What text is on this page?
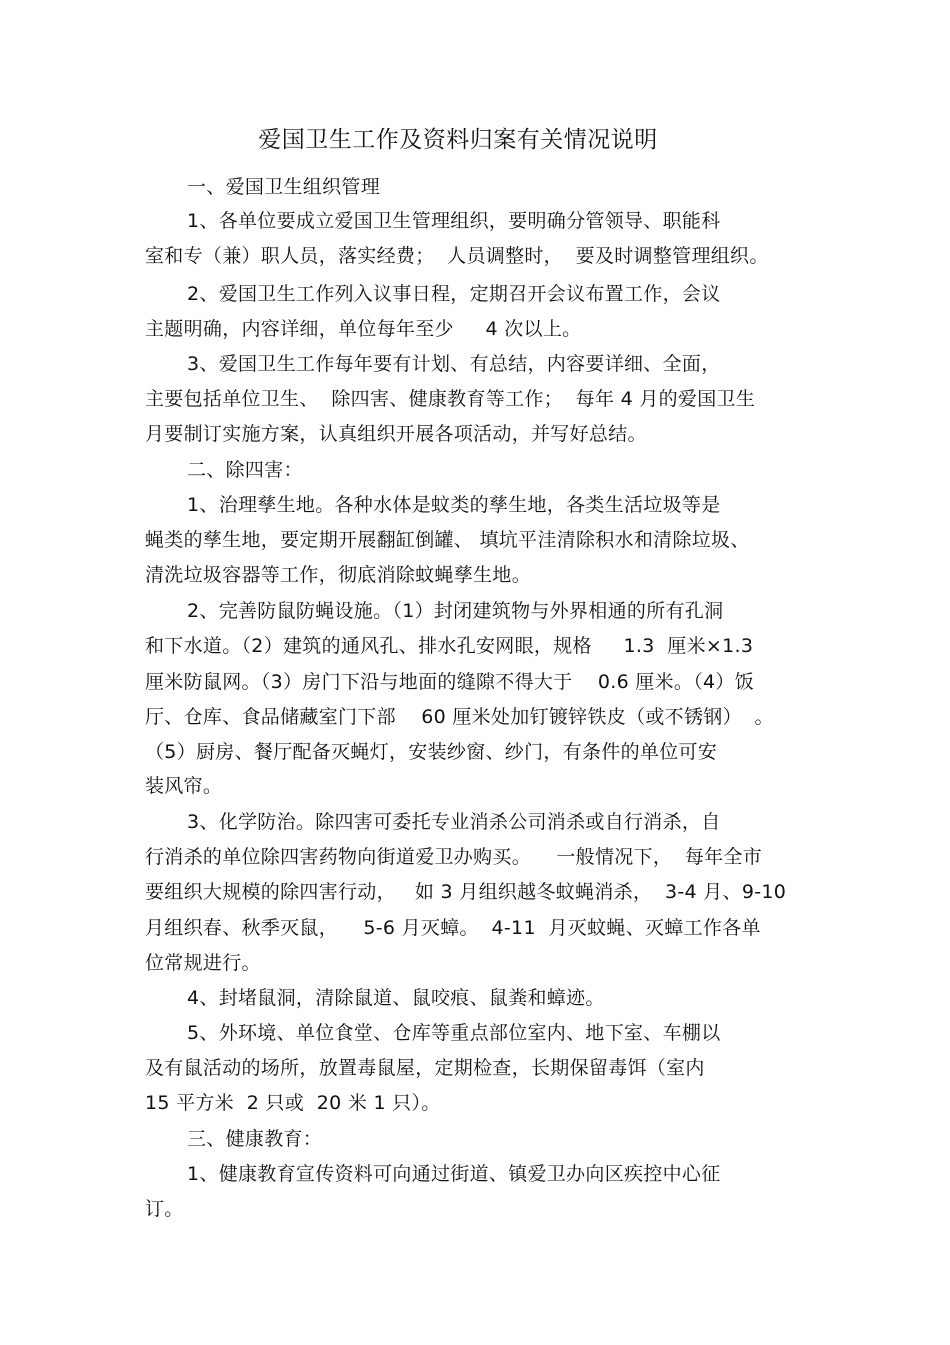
爱国卫生工作及资料归案有关情况说明
一、爱国卫生组织管理
1、各单位要成立爱国卫生管理组织，要明确分管领导、职能科
室和专（兼）职人员，落实经费；  人员调整时，  要及时调整管理组织。
2、爱国卫生工作列入议事日程，定期召开会议布置工作，会议
主题明确，内容详细，单位每年至少     4 次以上。
3、爱国卫生工作每年要有计划、有总结，内容要详细、全面，
主要包括单位卫生、  除四害、健康教育等工作；  每年 4 月的爱国卫生
月要制订实施方案，认真组织开展各项活动，并写好总结。
二、除四害：
1、治理孳生地。各种水体是蚊类的孳生地，各类生活垃圾等是
蝇类的孳生地，要定期开展翻缸倒罐、 填坑平洼清除积水和清除垃圾、
清洗垃圾容器等工作，彻底消除蚊蝇孳生地。
2、完善防鼠防蝇设施。（1）封闭建筑物与外界相通的所有孔洞
和下水道。（2）建筑的通风孔、排水孔安网眼，规格     1.3  厘米×1.3
厘米防鼠网。（3）房门下沿与地面的缝隙不得大于    0.6 厘米。（4）饭
厅、仓库、食品储藏室门下部    60 厘米处加钉镀锌铁皮（或不锈钢）  。
（5）厨房、餐厅配备灭蝇灯，安装纱窗、纱门，有条件的单位可安
装风帘。
3、化学防治。除四害可委托专业消杀公司消杀或自行消杀，自
行消杀的单位除四害药物向街道爱卫办购买。    一般情况下，  每年全市
要组织大规模的除四害行动，   如 3 月组织越冬蚊蝇消杀，  3-4 月、9-10
月组织春、秋季灭鼠，    5-6 月灭蟑。  4-11  月灭蚊蝇、灭蟑工作各单
位常规进行。
4、封堵鼠洞，清除鼠道、鼠咬痕、鼠粪和蟑迹。
5、外环境、单位食堂、仓库等重点部位室内、地下室、车棚以
及有鼠活动的场所，放置毒鼠屋，定期检查，长期保留毒饵（室内
15 平方米  2 只或  20 米 1 只）。
三、健康教育：
1、健康教育宣传资料可向通过街道、镇爱卫办向区疾控中心征
订。
